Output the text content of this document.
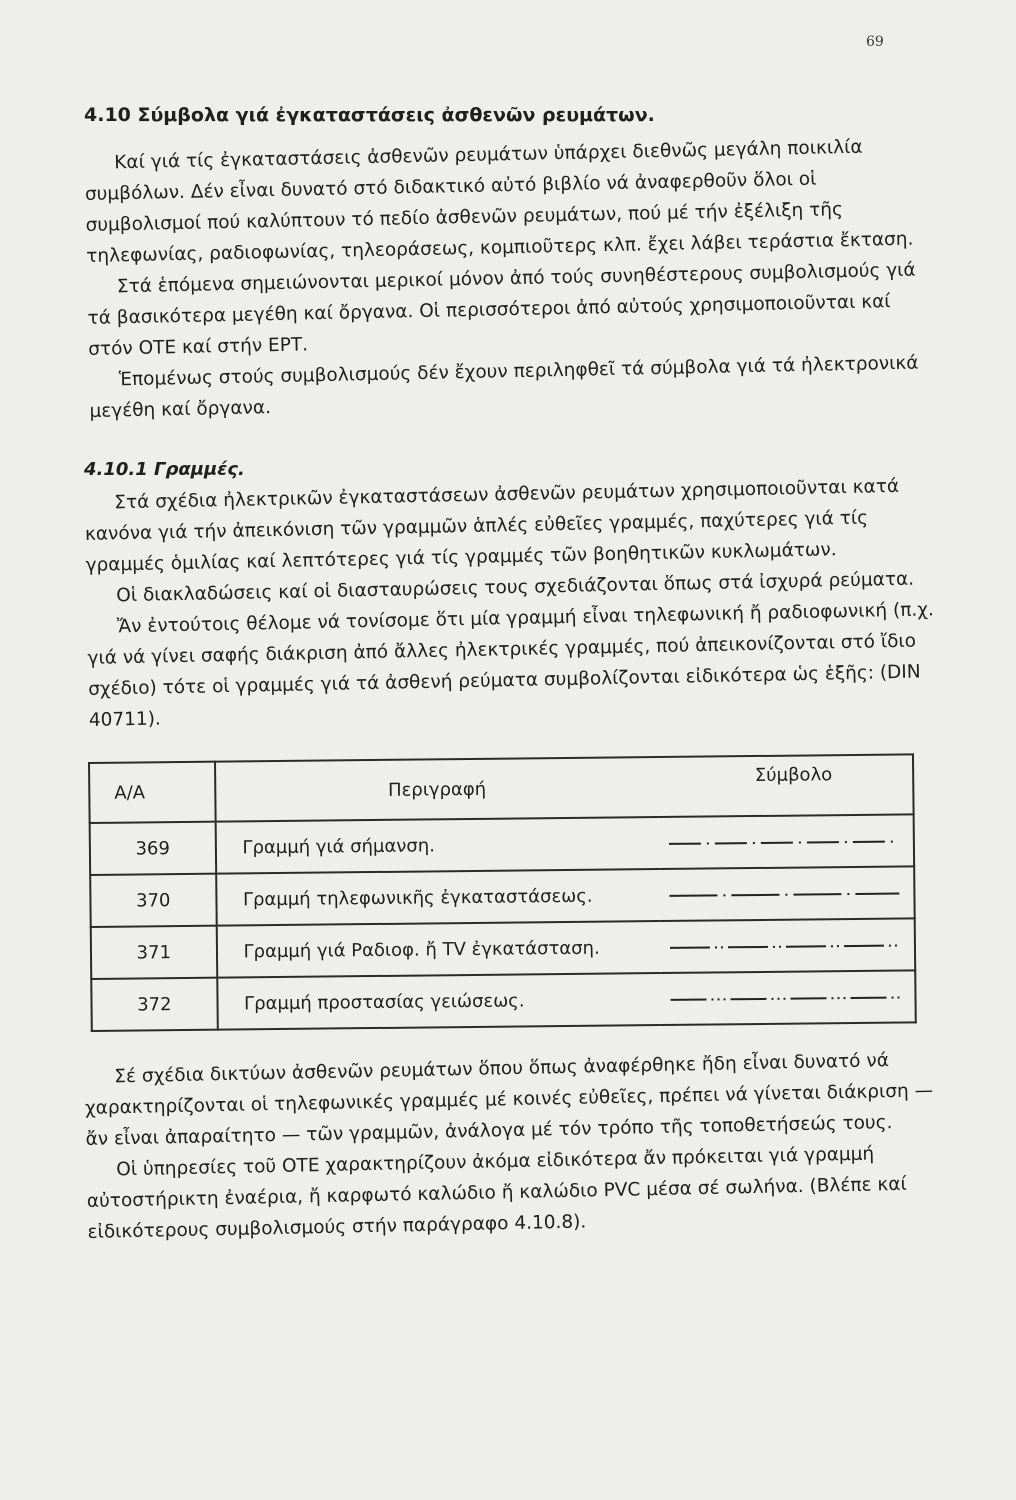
69
4.10 Σύμβολα γιά ἐγκαταστάσεις ἀσθενῶν ρευμάτων.

Καί γιά τίς ἐγκαταστάσεις ἀσθενῶν ρευμάτων ὑπάρχει διεθνῶς μεγάλη ποικιλία συμβόλων. Δέν εἶναι δυνατό στό διδακτικό αὐτό βιβλίο νά ἀναφερθοῦν ὅλοι οἱ συμβολισμοί πού καλύπτουν τό πεδίο ἀσθενῶν ρευμάτων, πού μέ τήν ἐξέλιξη τῆς τηλεφωνίας, ραδιοφωνίας, τηλεοράσεως, κομπιοῦτερς κλπ. ἔχει λάβει τεράστια ἔκταση.

Στά ἑπόμενα σημειώνονται μερικοί μόνον ἀπό τούς συνηθέστερους συμβολισμούς γιά τά βασικότερα μεγέθη καί ὄργανα. Οἱ περισσότεροι ἀπό αὐτούς χρησιμοποιοῦνται καί στόν ΟΤΕ καί στήν ΕΡΤ.

Ἑπομένως στούς συμβολισμούς δέν ἔχουν περιληφθεῖ τά σύμβολα γιά τά ἠλεκτρονικά μεγέθη καί ὄργανα.

4.10.1 Γραμμές.

Στά σχέδια ἠλεκτρικῶν ἐγκαταστάσεων ἀσθενῶν ρευμάτων χρησιμοποιοῦνται κατά κανόνα γιά τήν ἀπεικόνιση τῶν γραμμῶν ἁπλές εὐθεῖες γραμμές, παχύτερες γιά τίς γραμμές ὁμιλίας καί λεπτότερες γιά τίς γραμμές τῶν βοηθητικῶν κυκλωμάτων.

Οἱ διακλαδώσεις καί οἱ διασταυρώσεις τους σχεδιάζονται ὅπως στά ἰσχυρά ρεύματα.

Ἄν ἐντούτοις θέλομε νά τονίσομε ὅτι μία γραμμή εἶναι τηλεφωνική ἤ ραδιοφωνική (π.χ. γιά νά γίνει σαφής διάκριση ἀπό ἄλλες ἠλεκτρικές γραμμές, πού ἀπεικονίζονται στό ἴδιο σχέδιο) τότε οἱ γραμμές γιά τά ἀσθενή ρεύματα συμβολίζονται εἰδικότερα ὡς ἑξῆς: (DIN 40711).

Α/Α	Περιγραφή	Σύμβολο
369	Γραμμή γιά σήμανση.	
370	Γραμμή τηλεφωνικῆς ἐγκαταστάσεως.	
371	Γραμμή γιά Ραδιοφ. ἤ TV ἐγκατάσταση.	
372	Γραμμή προστασίας γειώσεως.	

Σέ σχέδια δικτύων ἀσθενῶν ρευμάτων ὅπου ὅπως ἀναφέρθηκε ἤδη εἶναι δυνατό νά χαρακτηρίζονται οἱ τηλεφωνικές γραμμές μέ κοινές εὐθεῖες, πρέπει νά γίνεται διάκριση — ἄν εἶναι ἀπαραίτητο — τῶν γραμμῶν, ἀνάλογα μέ τόν τρόπο τῆς τοποθετήσεώς τους.

Οἱ ὑπηρεσίες τοῦ ΟΤΕ χαρακτηρίζουν ἀκόμα εἰδικότερα ἄν πρόκειται γιά γραμμή αὐτοστήρικτη ἐναέρια, ἤ καρφωτό καλώδιο ἤ καλώδιο PVC μέσα σέ σωλήνα. (Βλέπε καί εἰδικότερους συμβολισμούς στήν παράγραφο 4.10.8).
